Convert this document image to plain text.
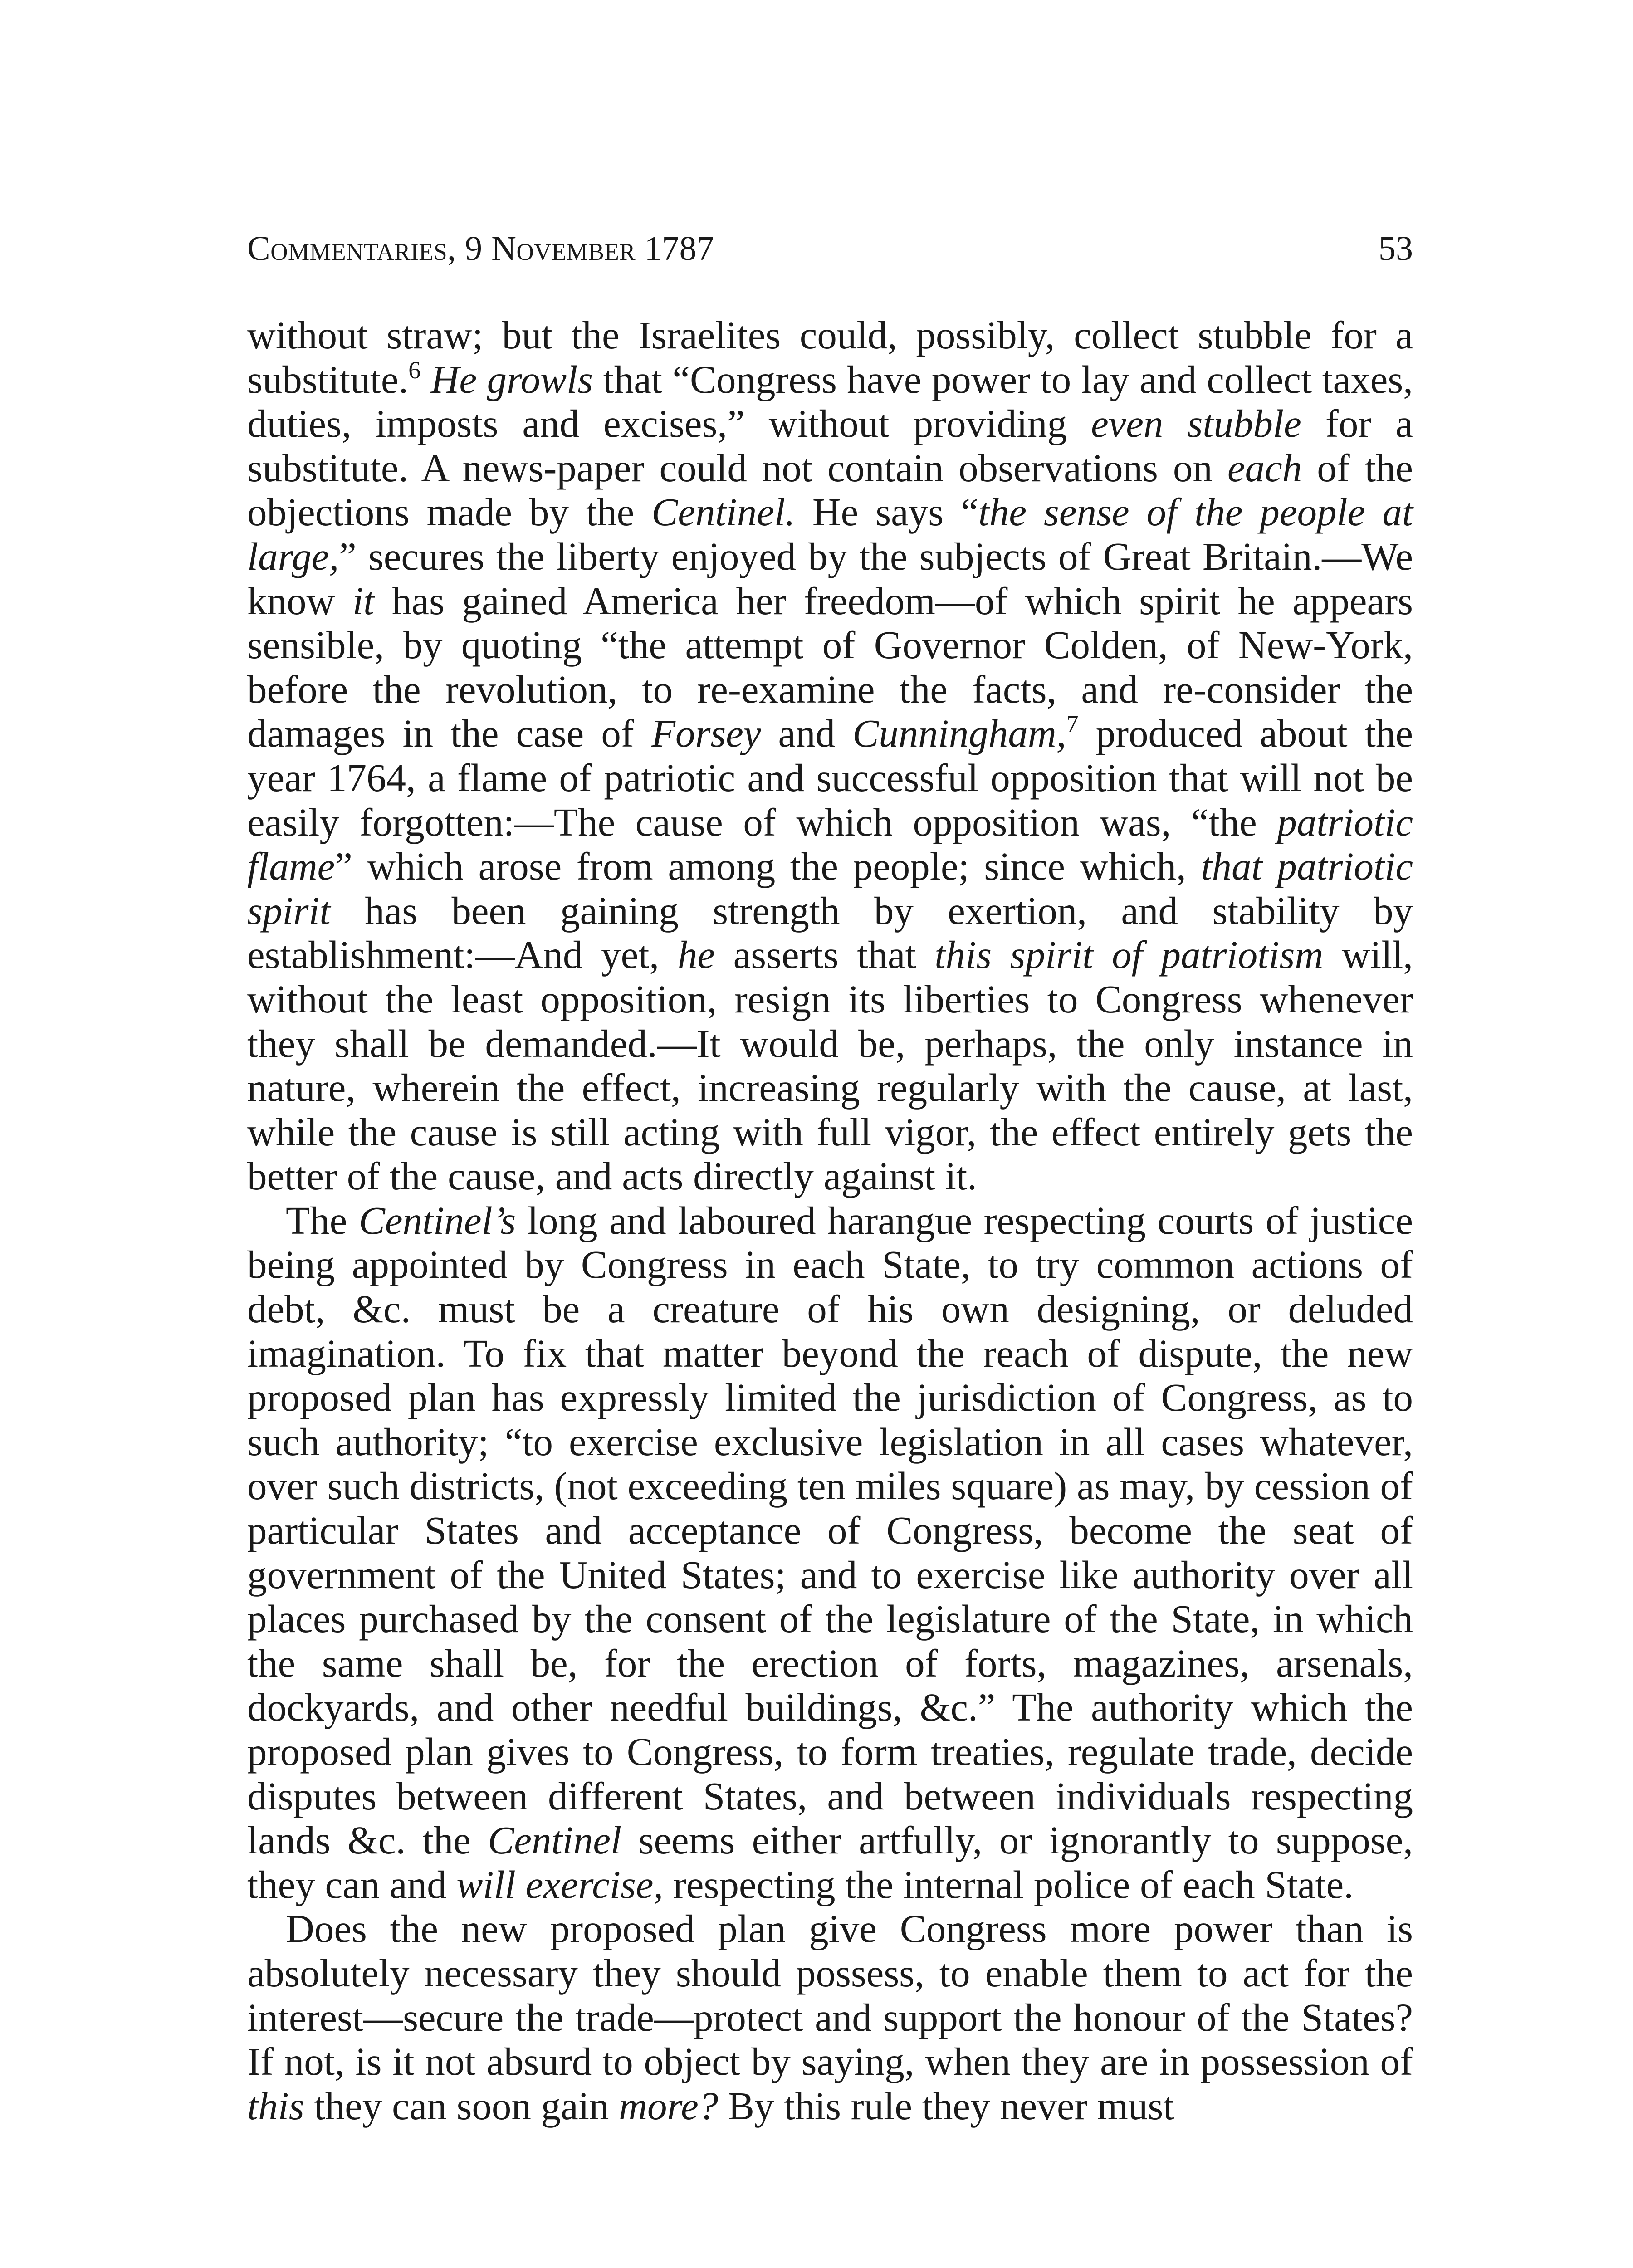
Commentaries, 9 November 1787	53

without straw; but the Israelites could, possibly, collect stubble for a substitute.$^6$ He growls that “Congress have power to lay and collect taxes, duties, imposts and excises,” without providing even stubble for a substitute. A news-paper could not contain observations on each of the objections made by the Centinel. He says “the sense of the people at large,” secures the liberty enjoyed by the subjects of Great Britain.—We know it has gained America her freedom—of which spirit he appears sensible, by quoting “the attempt of Governor Colden, of New-York, before the revolution, to re-examine the facts, and re-consider the damages in the case of Forsey and Cunningham,$^7$ produced about the year 1764, a flame of patriotic and successful opposition that will not be easily forgotten:—The cause of which opposition was, “the patriotic flame” which arose from among the people; since which, that patriotic spirit has been gaining strength by exertion, and stability by establishment:—And yet, he asserts that this spirit of patriotism will, without the least opposition, resign its liberties to Congress whenever they shall be demanded.—It would be, perhaps, the only instance in nature, wherein the effect, increasing regularly with the cause, at last, while the cause is still acting with full vigor, the effect entirely gets the better of the cause, and acts directly against it.

The Centinel’s long and laboured harangue respecting courts of justice being appointed by Congress in each State, to try common actions of debt, &c. must be a creature of his own designing, or deluded imagination. To fix that matter beyond the reach of dispute, the new proposed plan has expressly limited the jurisdiction of Congress, as to such authority; “to exercise exclusive legislation in all cases whatever, over such districts, (not exceeding ten miles square) as may, by cession of particular States and acceptance of Congress, become the seat of government of the United States; and to exercise like authority over all places purchased by the consent of the legislature of the State, in which the same shall be, for the erection of forts, magazines, arsenals, dockyards, and other needful buildings, &c.” The authority which the proposed plan gives to Congress, to form treaties, regulate trade, decide disputes between different States, and between individuals respecting lands &c. the Centinel seems either artfully, or ignorantly to suppose, they can and will exercise, respecting the internal police of each State.

Does the new proposed plan give Congress more power than is absolutely necessary they should possess, to enable them to act for the interest—secure the trade—protect and support the honour of the States? If not, is it not absurd to object by saying, when they are in possession of this they can soon gain more? By this rule they never must
